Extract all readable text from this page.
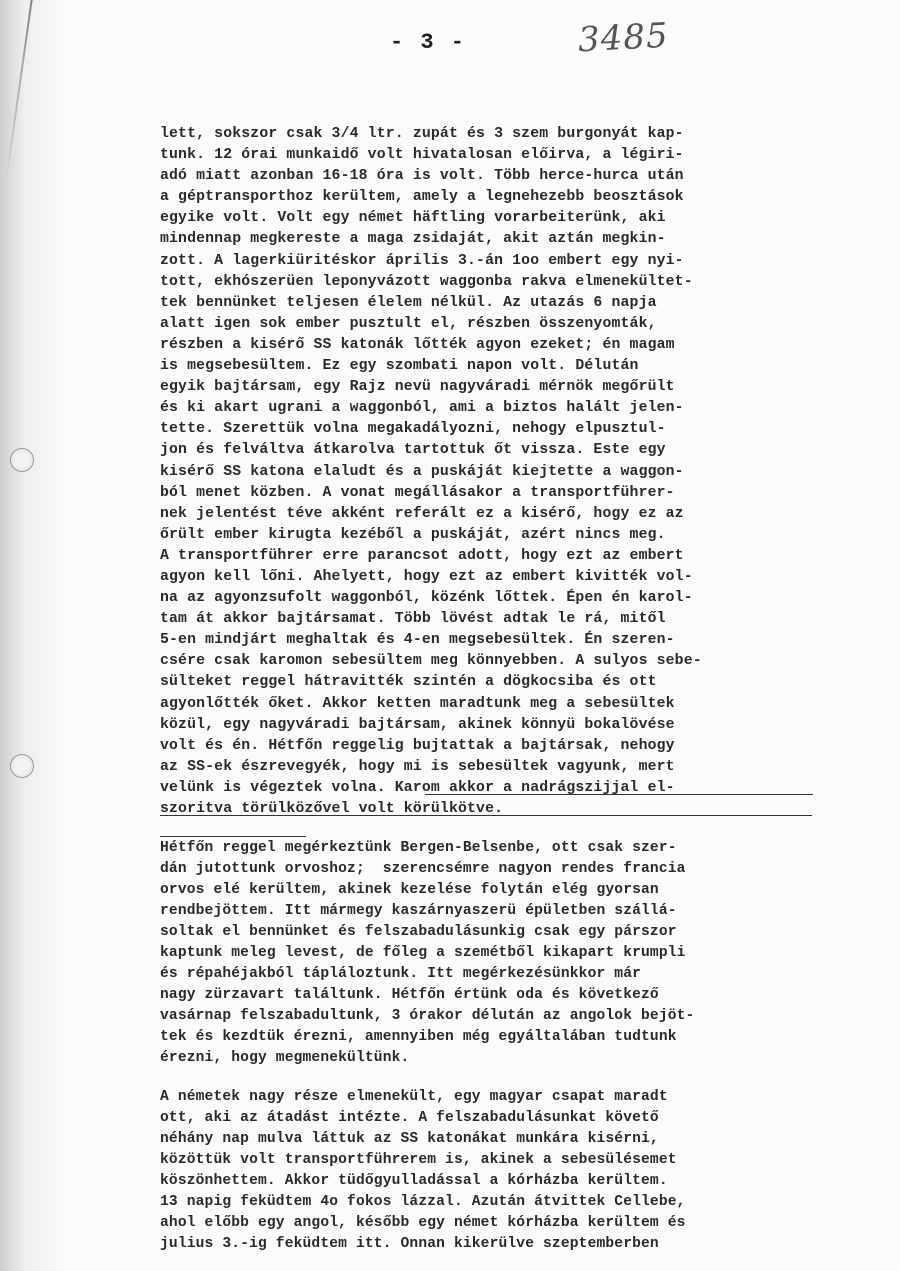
- 3 -	3485
lett, sokszor csak 3/4 ltr. zupát és 3 szem burgonyát kap-
tunk. 12 órai munkaidő volt hivatalosan előirva, a légiri-
adó miatt azonban 16-18 óra is volt. Több herce-hurca után
a géptransporthoz kerültem, amely a legnehezebb beosztások
egyike volt. Volt egy német häftling vorarbeiterünk, aki
mindennap megkereste a maga zsidaját, akit aztán megkin-
zott. A lagerkiüritéskor április 3.-án 1oo embert egy nyi-
tott, ekhószerüen leponyvázott waggonba rakva elmenekültet-
tek bennünket teljesen élelem nélkül. Az utazás 6 napja
alatt igen sok ember pusztult el, részben összenyomták,
részben a kisérő SS katonák lőtték agyon ezeket; én magam
is megsebesültem. Ez egy szombati napon volt. Délután
egyik bajtársam, egy Rajz nevü nagyváradi mérnök megőrült
és ki akart ugrani a waggonból, ami a biztos halált jelen-
tette. Szerettük volna megakadályozni, nehogy elpusztul-
jon és felváltva átkarolva tartottuk őt vissza. Este egy
kisérő SS katona elaludt és a puskáját kiejtette a waggon-
ból menet közben. A vonat megállásakor a transportführer-
nek jelentést téve akként referált ez a kisérő, hogy ez az
őrült ember kirugta kezéből a puskáját, azért nincs meg.
A transportführer erre parancsot adott, hogy ezt az embert
agyon kell lőni. Ahelyett, hogy ezt az embert kivitték vol-
na az agyonzsufolt waggonból, közénk lőttek. Épen én karol-
tam át akkor bajtársamat. Több lövést adtak le rá, mitől
5-en mindjárt meghaltak és 4-en megsebesültek. Én szeren-
csére csak karomon sebesültem meg könnyebben. A sulyos sebe-
sülteket reggel hátravitték szintén a dögkocsiba és ott
agyonlőtték őket. Akkor ketten maradtunk meg a sebesültek
közül, egy nagyváradi bajtársam, akinek könnyü bokalövése
volt és én. Hétfőn reggelig bujtattak a bajtársak, nehogy
az SS-ek észrevegyék, hogy mi is sebesültek vagyunk, mert
velünk is végeztek volna. Karom akkor a nadrágszijjal el-
szoritva törülközővel volt körülkötve.
Hétfőn reggel megérkeztünk Bergen-Belsenbe, ott csak szer-
dán jutottunk orvoshoz;  szerencsémre nagyon rendes francia
orvos elé kerültem, akinek kezelése folytán elég gyorsan
rendbejöttem. Itt mármegy kaszárnyaszerü épületben szállá-
soltak el bennünket és felszabadulásunkig csak egy párszor
kaptunk meleg levest, de főleg a szemétből kikapart krumpli
és répahéjakból tápláloztunk. Itt megérkezésünkkor már
nagy zürzavart találtunk. Hétfőn értünk oda és következő
vasárnap felszabadultunk, 3 órakor délután az angolok bejöt-
tek és kezdtük érezni, amennyiben még egyáltalában tudtunk
érezni, hogy megmenekültünk.
A németek nagy része elmenekült, egy magyar csapat maradt
ott, aki az átadást intézte. A felszabadulásunkat követő
néhány nap mulva láttuk az SS katonákat munkára kisérni,
közöttük volt transportführerem is, akinek a sebesülésemet
köszönhettem. Akkor tüdőgyulladással a kórházba kerültem.
13 napig feküdtem 4o fokos lázzal. Azután átvittek Cellebe,
ahol előbb egy angol, később egy német kórházba kerültem és
julius 3.-ig feküdtem itt. Onnan kikerülve szeptemberben
